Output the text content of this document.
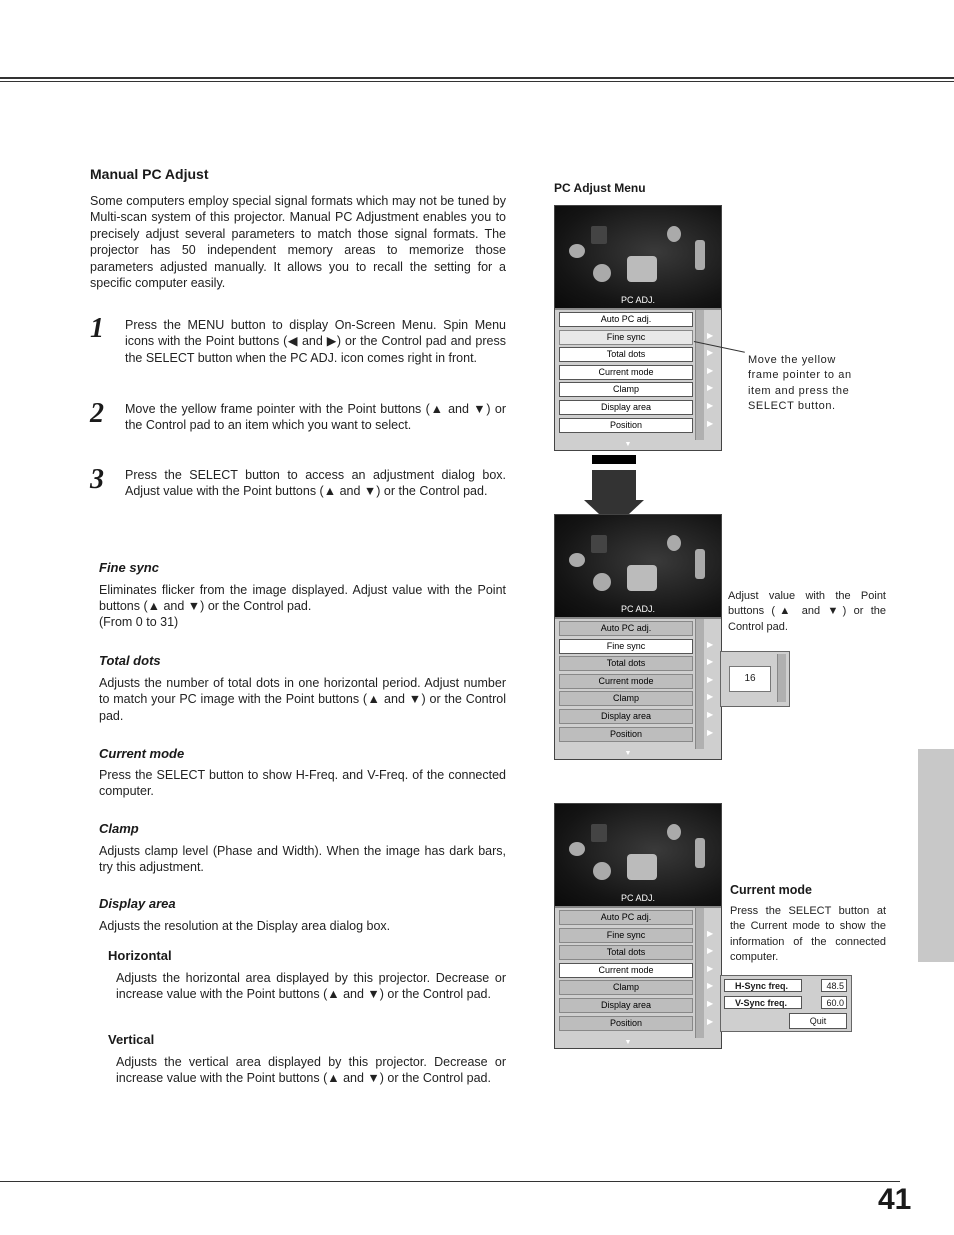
Manual PC Adjust

Some computers employ special signal formats which may not be tuned by Multi-scan system of this projector. Manual PC Adjustment enables you to precisely adjust several parameters to match those signal formats. The projector has 50 independent memory areas to memorize those parameters adjusted manually. It allows you to recall the setting for a specific computer easily.

1 Press the MENU button to display On-Screen Menu. Spin Menu icons with the Point buttons (◀ and ▶) or the Control pad and press the SELECT button when the PC ADJ. icon comes right in front.

2 Move the yellow frame pointer with the Point buttons (▲ and ▼) or the Control pad to an item which you want to select.

3 Press the SELECT button to access an adjustment dialog box. Adjust value with the Point buttons (▲ and ▼) or the Control pad.

Fine sync

Eliminates flicker from the image displayed. Adjust value with the Point buttons (▲ and ▼) or the Control pad.

(From 0 to 31)

Total dots

Adjusts the number of total dots in one horizontal period. Adjust number to match your PC image with the Point buttons (▲ and ▼) or the Control pad.

Current mode

Press the SELECT button to show H-Freq. and V-Freq. of the connected computer.

Clamp

Adjusts clamp level (Phase and Width). When the image has dark bars, try this adjustment.

Display area

Adjusts the resolution at the Display area dialog box.

Horizontal

Adjusts the horizontal area displayed by this projector. Decrease or increase value with the Point buttons (▲ and ▼) or the Control pad.

Vertical

Adjusts the vertical area displayed by this projector. Decrease or increase value with the Point buttons (▲ and ▼) or the Control pad.

PC Adjust Menu
PC ADJ.
Auto PC adj.
Fine sync	▶
Total dots	▶
Current mode	▶
Clamp	▶
Display area	▶
Position	▶
▼

Move the yellow frame pointer to an item and press the SELECT button.

PC ADJ.
Auto PC adj.
Fine sync	▶
Total dots	▶
Current mode	▶
Clamp	▶
Display area	▶
Position	▶
▼

Adjust value with the Point buttons (▲ and ▼) or the Control pad.

16
PC ADJ.
Auto PC adj.
Fine sync	▶
Total dots	▶
Current mode	▶
Clamp	▶
Display area	▶
Position	▶
▼
Current mode

Press the SELECT button at the Current mode to show the information of the connected computer.

H-Sync freq.	48.5
V-Sync freq.	60.0
Quit
41
